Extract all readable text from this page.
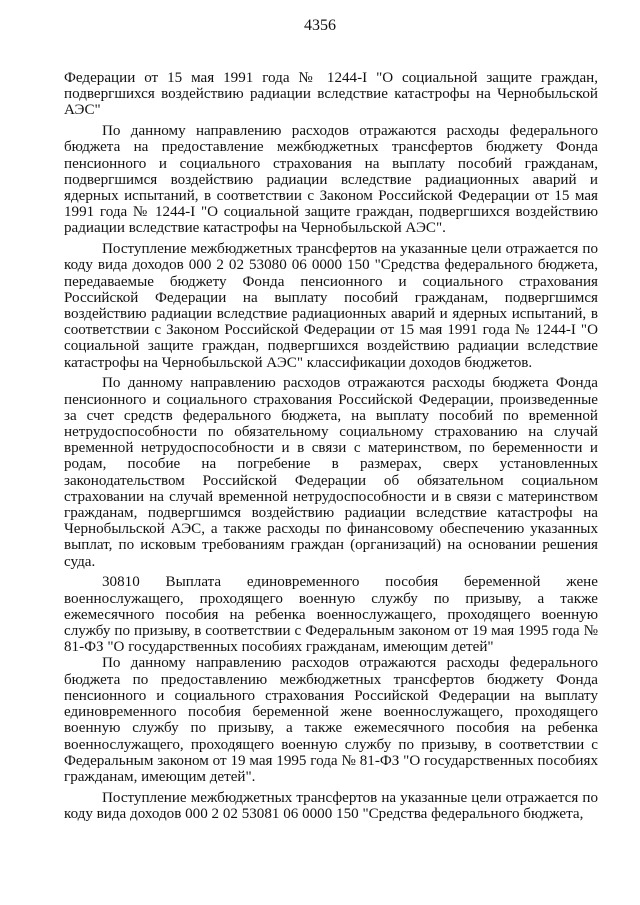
4356

Федерации от 15 мая 1991 года № 1244-I "О социальной защите граждан, подвергшихся воздействию радиации вследствие катастрофы на Чернобыльской АЭС"

По данному направлению расходов отражаются расходы федерального бюджета на предоставление межбюджетных трансфертов бюджету Фонда пенсионного и социального страхования на выплату пособий гражданам, подвергшимся воздействию радиации вследствие радиационных аварий и ядерных испытаний, в соответствии с Законом Российской Федерации от 15 мая 1991 года № 1244-I "О социальной защите граждан, подвергшихся воздействию радиации вследствие катастрофы на Чернобыльской АЭС".

Поступление межбюджетных трансфертов на указанные цели отражается по коду вида доходов 000 2 02 53080 06 0000 150 "Средства федерального бюджета, передаваемые бюджету Фонда пенсионного и социального страхования Российской Федерации на выплату пособий гражданам, подвергшимся воздействию радиации вследствие радиационных аварий и ядерных испытаний, в соответствии с Законом Российской Федерации от 15 мая 1991 года № 1244-I "О социальной защите граждан, подвергшихся воздействию радиации вследствие катастрофы на Чернобыльской АЭС" классификации доходов бюджетов.

По данному направлению расходов отражаются расходы бюджета Фонда пенсионного и социального страхования Российской Федерации, произведенные за счет средств федерального бюджета, на выплату пособий по временной нетрудоспособности по обязательному социальному страхованию на случай временной нетрудоспособности и в связи с материнством, по беременности и родам, пособие на погребение в размерах, сверх установленных законодательством Российской Федерации об обязательном социальном страховании на случай временной нетрудоспособности и в связи с материнством гражданам, подвергшимся воздействию радиации вследствие катастрофы на Чернобыльской АЭС, а также расходы по финансовому обеспечению указанных выплат, по исковым требованиям граждан (организаций) на основании решения суда.

30810 Выплата единовременного пособия беременной жене

военнослужащего, проходящего военную службу по призыву, а также ежемесячного пособия на ребенка военнослужащего, проходящего военную службу по призыву, в соответствии с Федеральным законом от 19 мая 1995 года № 81-ФЗ "О государственных пособиях гражданам, имеющим детей"

По данному направлению расходов отражаются расходы федерального бюджета по предоставлению межбюджетных трансфертов бюджету Фонда пенсионного и социального страхования Российской Федерации на выплату единовременного пособия беременной жене военнослужащего, проходящего военную службу по призыву, а также ежемесячного пособия на ребенка военнослужащего, проходящего военную службу по призыву, в соответствии с Федеральным законом от 19 мая 1995 года № 81-ФЗ "О государственных пособиях гражданам, имеющим детей".

Поступление межбюджетных трансфертов на указанные цели отражается по коду вида доходов 000 2 02 53081 06 0000 150 "Средства федерального бюджета,
